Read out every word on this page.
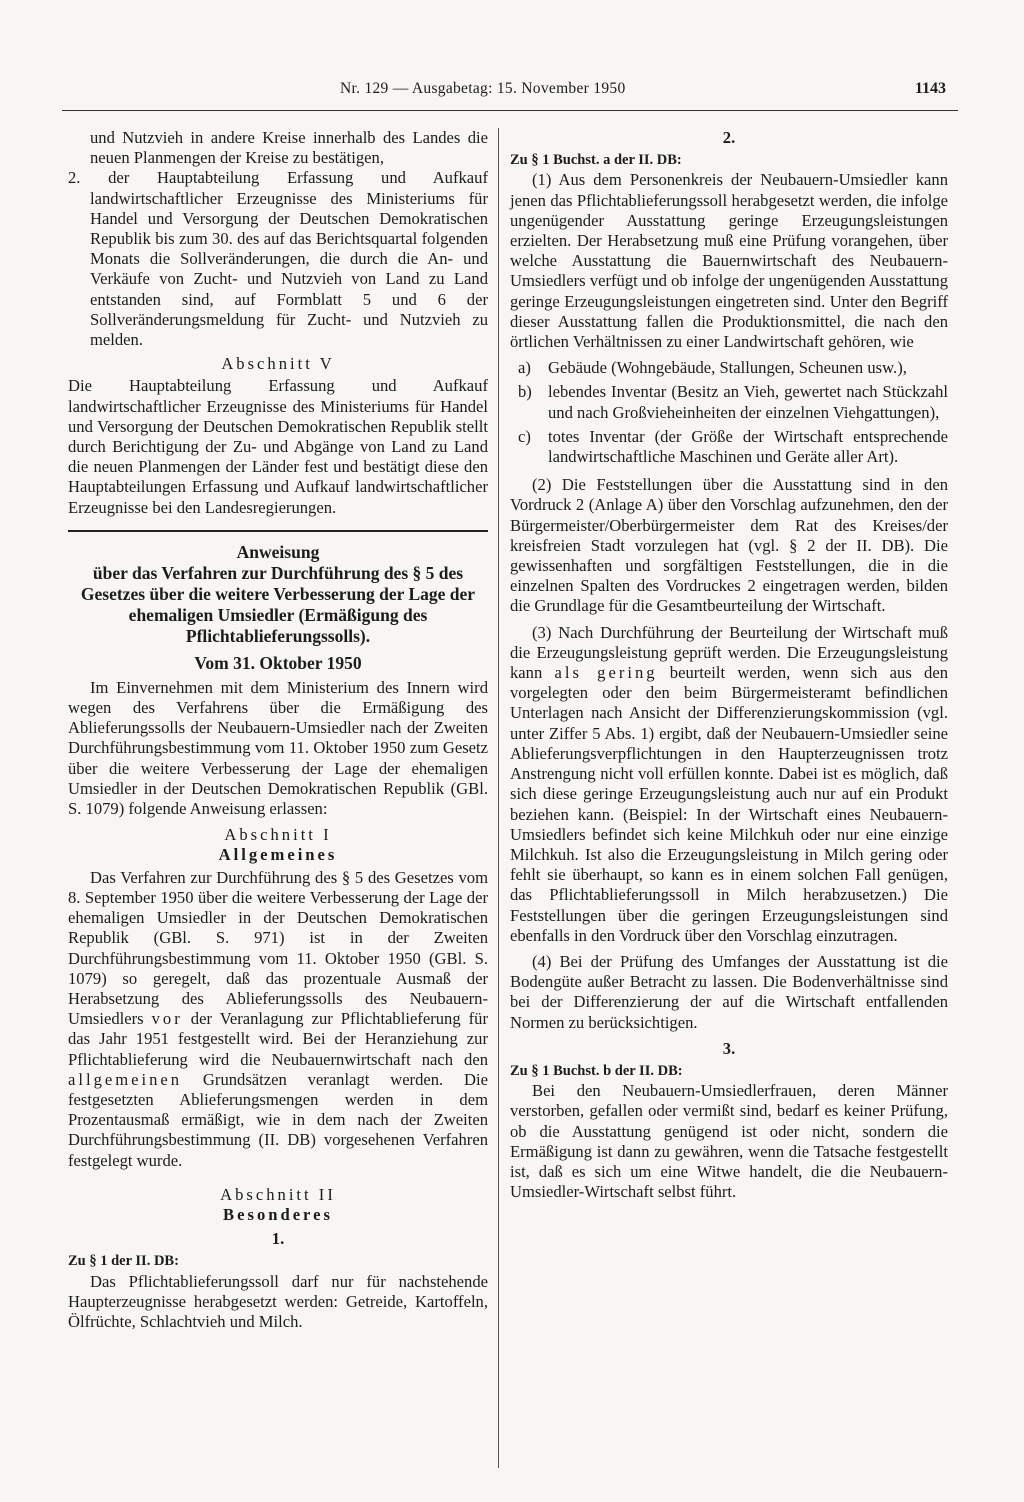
Nr. 129 — Ausgabetag: 15. November 1950	1143

und Nutzvieh in andere Kreise innerhalb des Landes die neuen Planmengen der Kreise zu bestätigen,

2. der Hauptabteilung Erfassung und Aufkauf landwirtschaftlicher Erzeugnisse des Ministeriums für Handel und Versorgung der Deutschen Demokratischen Republik bis zum 30. des auf das Berichtsquartal folgenden Monats die Sollveränderungen, die durch die An- und Verkäufe von Zucht- und Nutzvieh von Land zu Land entstanden sind, auf Formblatt 5 und 6 der Sollveränderungsmeldung für Zucht- und Nutzvieh zu melden.

Abschnitt V

Die Hauptabteilung Erfassung und Aufkauf landwirtschaftlicher Erzeugnisse des Ministeriums für Handel und Versorgung der Deutschen Demokratischen Republik stellt durch Berichtigung der Zu- und Abgänge von Land zu Land die neuen Planmengen der Länder fest und bestätigt diese den Hauptabteilungen Erfassung und Aufkauf landwirtschaftlicher Erzeugnisse bei den Landesregierungen.

Anweisung
über das Verfahren zur Durchführung des § 5 des Gesetzes über die weitere Verbesserung der Lage der ehemaligen Umsiedler (Ermäßigung des Pflichtablieferungssolls).
Vom 31. Oktober 1950

Im Einvernehmen mit dem Ministerium des Innern wird wegen des Verfahrens über die Ermäßigung des Ablieferungssolls der Neubauern-Umsiedler nach der Zweiten Durchführungsbestimmung vom 11. Oktober 1950 zum Gesetz über die weitere Verbesserung der Lage der ehemaligen Umsiedler in der Deutschen Demokratischen Republik (GBl. S. 1079) folgende Anweisung erlassen:

Abschnitt I

Allgemeines

Das Verfahren zur Durchführung des § 5 des Gesetzes vom 8. September 1950 über die weitere Verbesserung der Lage der ehemaligen Umsiedler in der Deutschen Demokratischen Republik (GBl. S. 971) ist in der Zweiten Durchführungsbestimmung vom 11. Oktober 1950 (GBl. S. 1079) so geregelt, daß das prozentuale Ausmaß der Herabsetzung des Ablieferungssolls des Neubauern-Umsiedlers vor der Veranlagung zur Pflichtablieferung für das Jahr 1951 festgestellt wird. Bei der Heranziehung zur Pflichtablieferung wird die Neubauernwirtschaft nach den allgemeinen Grundsätzen veranlagt werden. Die festgesetzten Ablieferungsmengen werden in dem Prozentausmaß ermäßigt, wie in dem nach der Zweiten Durchführungsbestimmung (II. DB) vorgesehenen Verfahren festgelegt wurde.

Abschnitt II

Besonderes

1.

Zu § 1 der II. DB:

Das Pflichtablieferungssoll darf nur für nachstehende Haupterzeugnisse herabgesetzt werden: Getreide, Kartoffeln, Ölfrüchte, Schlachtvieh und Milch.

2.

Zu § 1 Buchst. a der II. DB:

(1) Aus dem Personenkreis der Neubauern-Umsiedler kann jenen das Pflichtablieferungssoll herabgesetzt werden, die infolge ungenügender Ausstattung geringe Erzeugungsleistungen erzielten. Der Herabsetzung muß eine Prüfung vorangehen, über welche Ausstattung die Bauernwirtschaft des Neubauern-Umsiedlers verfügt und ob infolge der ungenügenden Ausstattung geringe Erzeugungsleistungen eingetreten sind. Unter den Begriff dieser Ausstattung fallen die Produktionsmittel, die nach den örtlichen Verhältnissen zu einer Landwirtschaft gehören, wie

a) Gebäude (Wohngebäude, Stallungen, Scheunen usw.),
b) lebendes Inventar (Besitz an Vieh, gewertet nach Stückzahl und nach Großvieheinheiten der einzelnen Viehgattungen),
c) totes Inventar (der Größe der Wirtschaft entsprechende landwirtschaftliche Maschinen und Geräte aller Art).

(2) Die Feststellungen über die Ausstattung sind in den Vordruck 2 (Anlage A) über den Vorschlag aufzunehmen, den der Bürgermeister/Oberbürgermeister dem Rat des Kreises/der kreisfreien Stadt vorzulegen hat (vgl. § 2 der II. DB). Die gewissenhaften und sorgfältigen Feststellungen, die in die einzelnen Spalten des Vordruckes 2 eingetragen werden, bilden die Grundlage für die Gesamtbeurteilung der Wirtschaft.

(3) Nach Durchführung der Beurteilung der Wirtschaft muß die Erzeugungsleistung geprüft werden. Die Erzeugungsleistung kann als gering beurteilt werden, wenn sich aus den vorgelegten oder den beim Bürgermeisteramt befindlichen Unterlagen nach Ansicht der Differenzierungskommission (vgl. unter Ziffer 5 Abs. 1) ergibt, daß der Neubauern-Umsiedler seine Ablieferungsverpflichtungen in den Haupterzeugnissen trotz Anstrengung nicht voll erfüllen konnte. Dabei ist es möglich, daß sich diese geringe Erzeugungsleistung auch nur auf ein Produkt beziehen kann. (Beispiel: In der Wirtschaft eines Neubauern-Umsiedlers befindet sich keine Milchkuh oder nur eine einzige Milchkuh. Ist also die Erzeugungsleistung in Milch gering oder fehlt sie überhaupt, so kann es in einem solchen Fall genügen, das Pflichtablieferungssoll in Milch herabzusetzen.) Die Feststellungen über die geringen Erzeugungsleistungen sind ebenfalls in den Vordruck über den Vorschlag einzutragen.

(4) Bei der Prüfung des Umfanges der Ausstattung ist die Bodengüte außer Betracht zu lassen. Die Bodenverhältnisse sind bei der Differenzierung der auf die Wirtschaft entfallenden Normen zu berücksichtigen.

3.

Zu § 1 Buchst. b der II. DB:

Bei den Neubauern-Umsiedlerfrauen, deren Männer verstorben, gefallen oder vermißt sind, bedarf es keiner Prüfung, ob die Ausstattung genügend ist oder nicht, sondern die Ermäßigung ist dann zu gewähren, wenn die Tatsache festgestellt ist, daß es sich um eine Witwe handelt, die die Neubauern-Umsiedler-Wirtschaft selbst führt.
